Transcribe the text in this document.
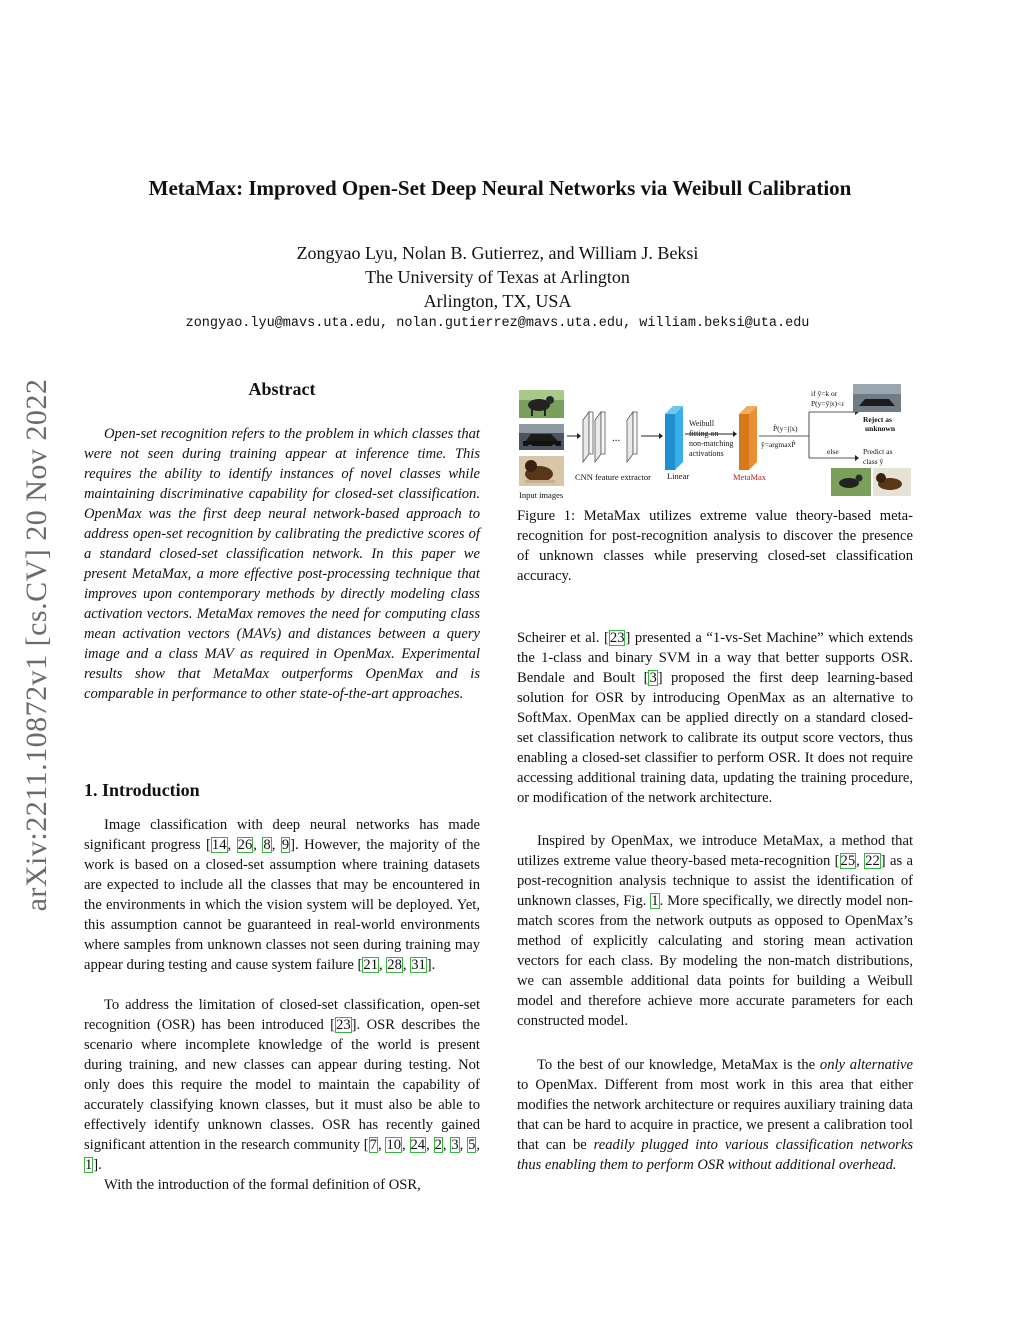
arXiv:2211.10872v1 [cs.CV] 20 Nov 2022
MetaMax: Improved Open-Set Deep Neural Networks via Weibull Calibration
Zongyao Lyu, Nolan B. Gutierrez, and William J. Beksi
The University of Texas at Arlington
Arlington, TX, USA
zongyao.lyu@mavs.uta.edu, nolan.gutierrez@mavs.uta.edu, william.beksi@uta.edu
Abstract

Open-set recognition refers to the problem in which classes that were not seen during training appear at inference time. This requires the ability to identify instances of novel classes while maintaining discriminative capability for closed-set classification. OpenMax was the first deep neural network-based approach to address open-set recognition by calibrating the predictive scores of a standard closed-set classification network. In this paper we present MetaMax, a more effective post-processing technique that improves upon contemporary methods by directly modeling class activation vectors. MetaMax removes the need for computing class mean activation vectors (MAVs) and distances between a query image and a class MAV as required in OpenMax. Experimental results show that MetaMax outperforms OpenMax and is comparable in performance to other state-of-the-art approaches.

1. Introduction

Image classification with deep neural networks has made significant progress [14, 26, 8, 9]. However, the majority of the work is based on a closed-set assumption where training datasets are expected to include all the classes that may be encountered in the environments in which the vision system will be deployed. Yet, this assumption cannot be guaranteed in real-world environments where samples from unknown classes not seen during training may appear during testing and cause system failure [21, 28, 31].

To address the limitation of closed-set classification, open-set recognition (OSR) has been introduced [23]. OSR describes the scenario where incomplete knowledge of the world is present during training, and new classes can appear during testing. Not only does this require the model to maintain the capability of accurately classifying known classes, but it must also be able to effectively identify unknown classes. OSR has recently gained significant attention in the research community [7, 10, 24, 2, 3, 5, 1].

With the introduction of the formal definition of OSR,

Input images
...
CNN feature extractor Linear
Weibull
fitting on
non-matching
activations
MetaMax
P̂(y=j|x)
ŷ=argmaxP̂
if ŷ=k or
P(y=ŷ|x)<ε
else
Reject as
unknown
Predict as
class ŷ

Figure 1: MetaMax utilizes extreme value theory-based meta-recognition for post-recognition analysis to discover the presence of unknown classes while preserving closed-set classification accuracy.

Scheirer et al. [23] presented a “1-vs-Set Machine” which extends the 1-class and binary SVM in a way that better supports OSR. Bendale and Boult [3] proposed the first deep learning-based solution for OSR by introducing OpenMax as an alternative to SoftMax. OpenMax can be applied directly on a standard closed-set classification network to calibrate its output score vectors, thus enabling a closed-set classifier to perform OSR. It does not require accessing additional training data, updating the training procedure, or modification of the network architecture.

Inspired by OpenMax, we introduce MetaMax, a method that utilizes extreme value theory-based meta-recognition [25, 22] as a post-recognition analysis technique to assist the identification of unknown classes, Fig. 1. More specifically, we directly model non-match scores from the network outputs as opposed to OpenMax’s method of explicitly calculating and storing mean activation vectors for each class. By modeling the non-match distributions, we can assemble additional data points for building a Weibull model and therefore achieve more accurate parameters for each constructed model.

To the best of our knowledge, MetaMax is the only alternative to OpenMax. Different from most work in this area that either modifies the network architecture or requires auxiliary training data that can be hard to acquire in practice, we present a calibration tool that can be readily plugged into various classification networks thus enabling them to perform OSR without additional overhead.
